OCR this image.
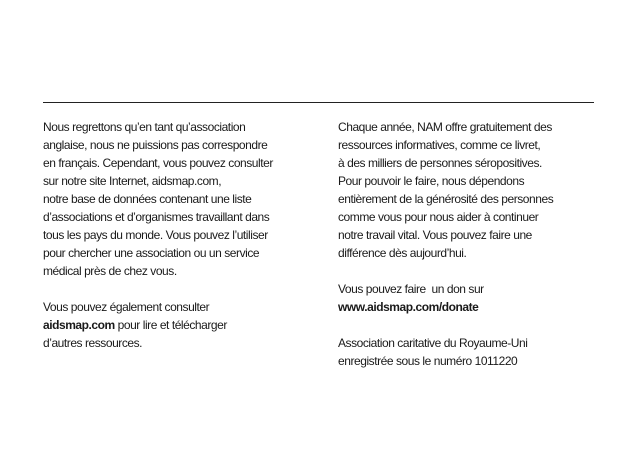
Nous regrettons qu’en tant qu’association
anglaise, nous ne puissions pas correspondre
en français. Cependant, vous pouvez consulter
sur notre site Internet, aidsmap.com,
notre base de données contenant une liste
d’associations et d’organismes travaillant dans
tous les pays du monde. Vous pouvez l’utiliser
pour chercher une association ou un service
médical près de chez vous.

Vous pouvez également consulter
aidsmap.com pour lire et télécharger
d’autres ressources.

Chaque année, NAM offre gratuitement des
ressources informatives, comme ce livret,
à des milliers de personnes séropositives.
Pour pouvoir le faire, nous dépendons
entièrement de la générosité des personnes
comme vous pour nous aider à continuer
notre travail vital. Vous pouvez faire une
différence dès aujourd’hui.

Vous pouvez faire  un don sur
www.aidsmap.com/donate

Association caritative du Royaume-Uni
enregistrée sous le numéro 1011220
